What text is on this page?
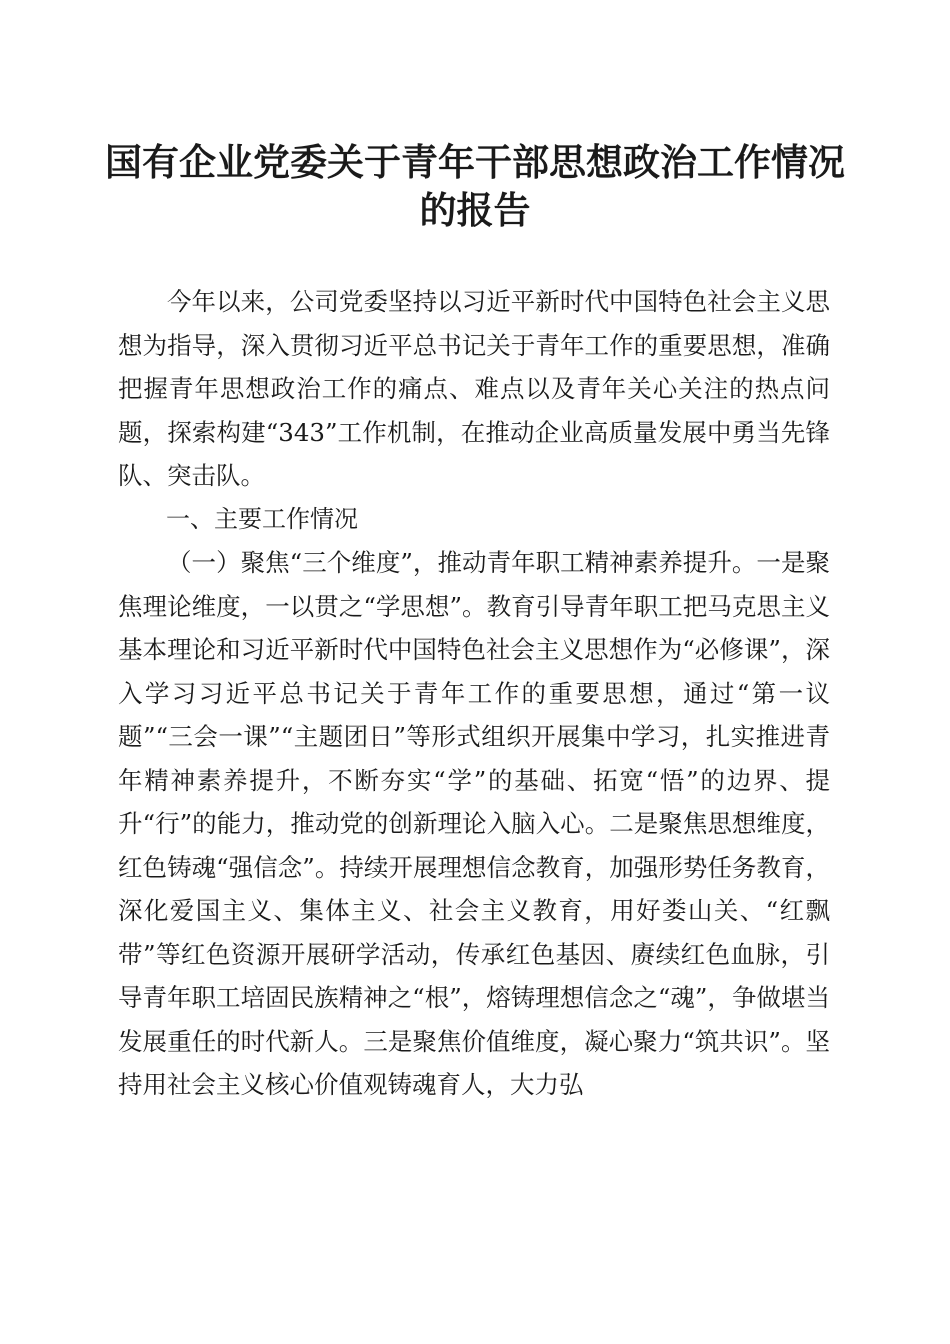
国有企业党委关于青年干部思想政治工作情况的报告

今年以来，公司党委坚持以习近平新时代中国特色社会主义思想为指导，深入贯彻习近平总书记关于青年工作的重要思想，准确把握青年思想政治工作的痛点、难点以及青年关心关注的热点问题，探索构建“343”工作机制，在推动企业高质量发展中勇当先锋队、突击队。

一、主要工作情况

（一）聚焦“三个维度”，推动青年职工精神素养提升。一是聚焦理论维度，一以贯之“学思想”。教育引导青年职工把马克思主义基本理论和习近平新时代中国特色社会主义思想作为“必修课”，深入学习习近平总书记关于青年工作的重要思想，通过“第一议题”“三会一课”“主题团日”等形式组织开展集中学习，扎实推进青年精神素养提升，不断夯实“学”的基础、拓宽“悟”的边界、提升“行”的能力，推动党的创新理论入脑入心。二是聚焦思想维度，红色铸魂“强信念”。持续开展理想信念教育，加强形势任务教育，深化爱国主义、集体主义、社会主义教育，用好娄山关、“红飘带”等红色资源开展研学活动，传承红色基因、赓续红色血脉，引导青年职工培固民族精神之“根”，熔铸理想信念之“魂”，争做堪当发展重任的时代新人。三是聚焦价值维度，凝心聚力“筑共识”。坚持用社会主义核心价值观铸魂育人，大力弘
